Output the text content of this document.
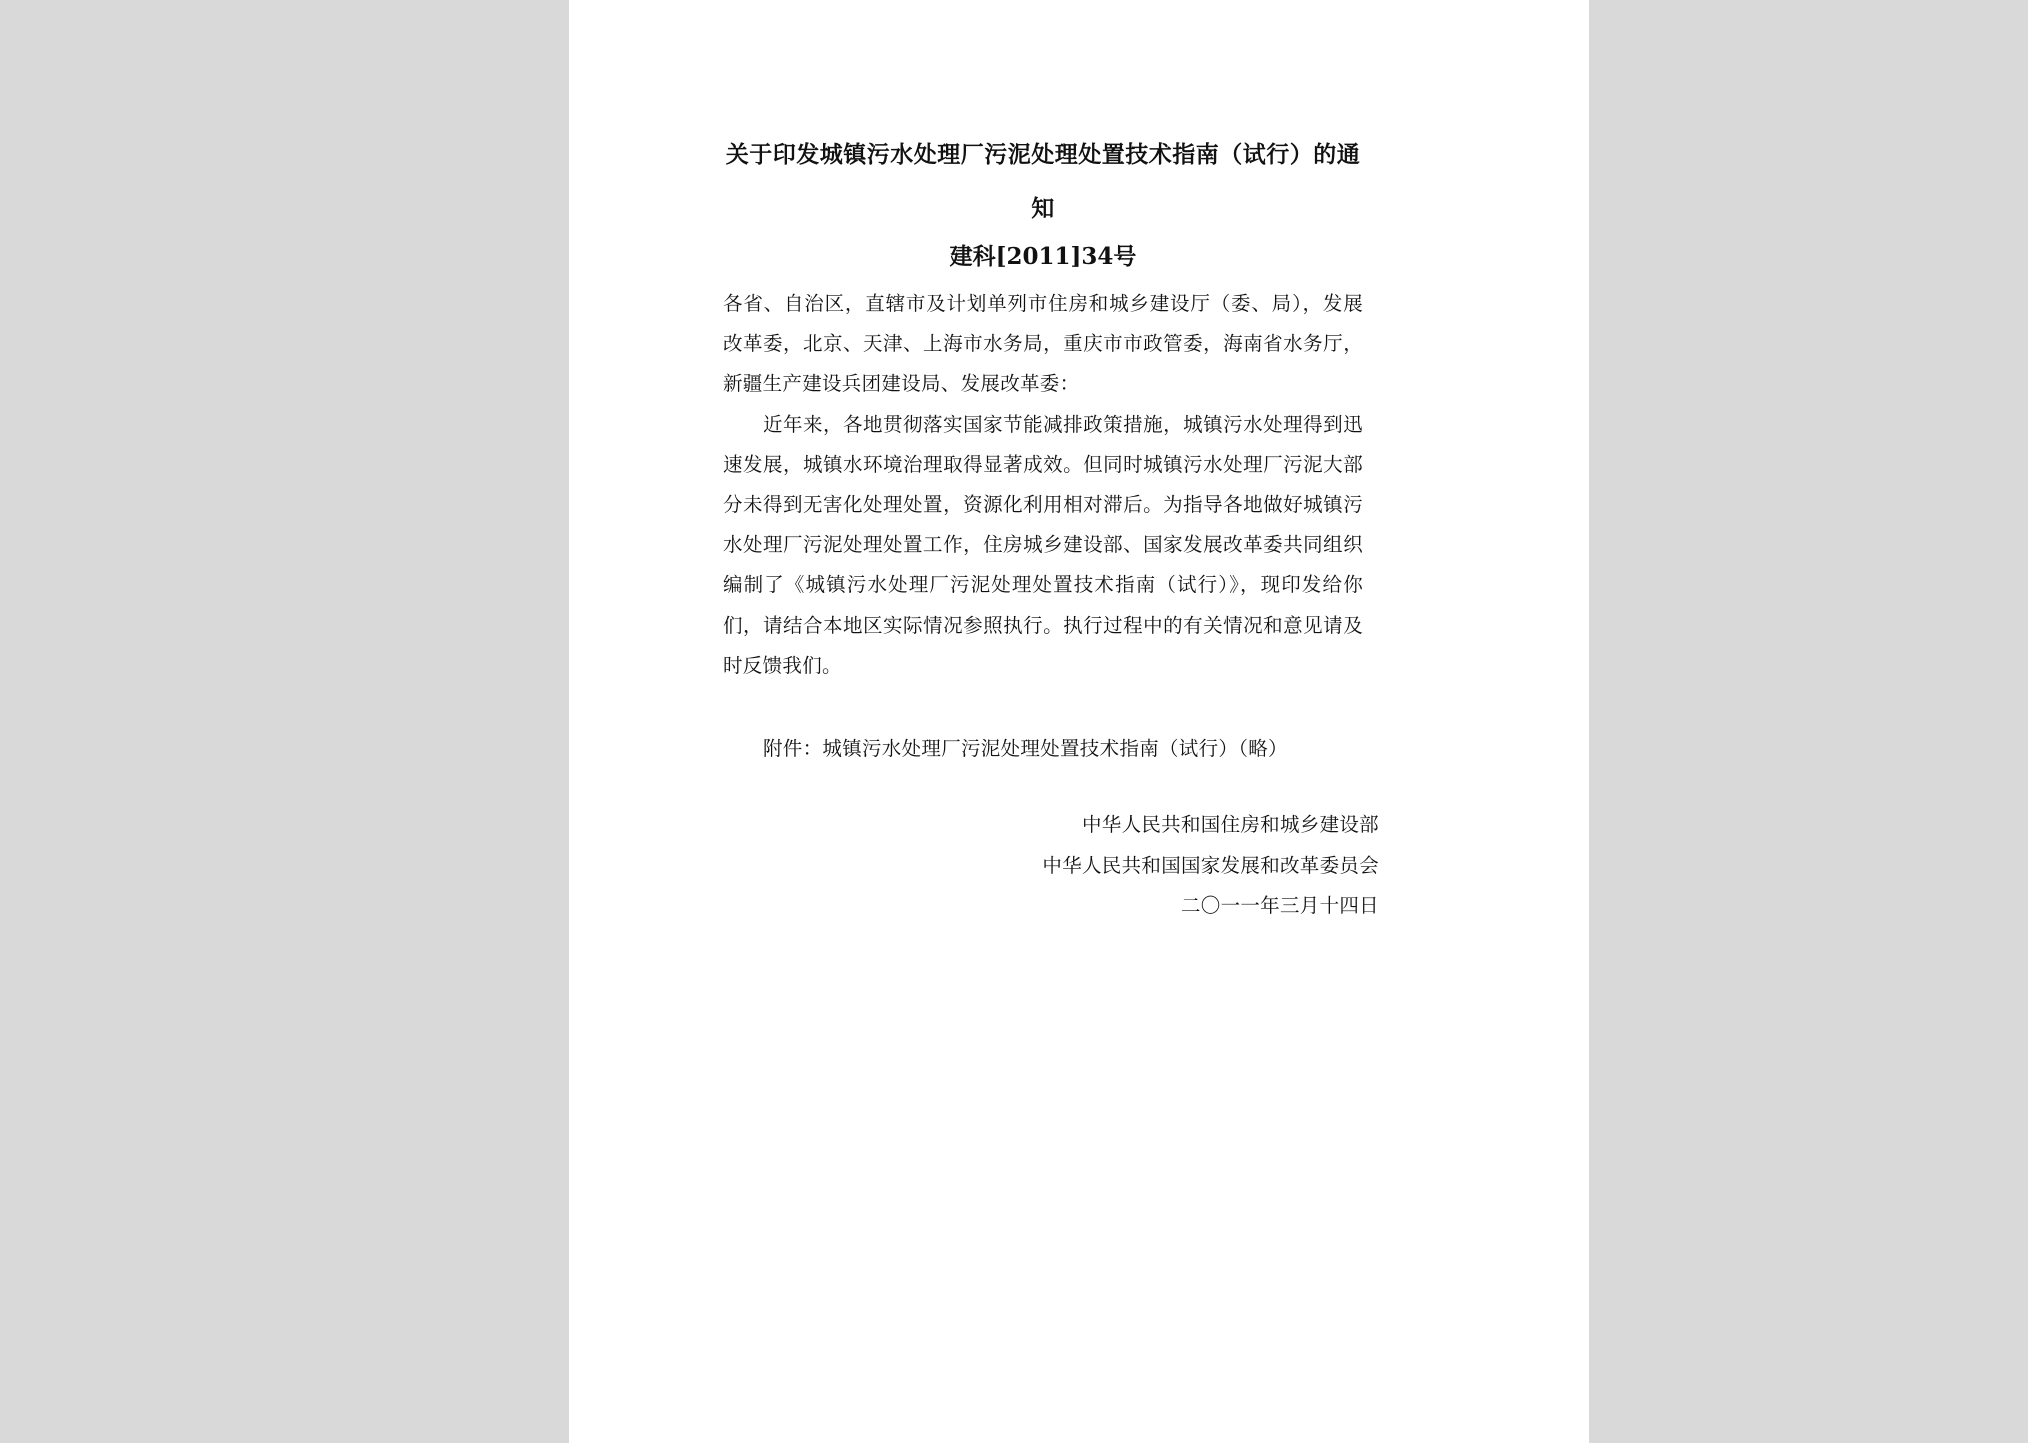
关于印发城镇污水处理厂污泥处理处置技术指南（试行）的通知
建科[2011]34号

各省、自治区，直辖市及计划单列市住房和城乡建设厅（委、局），发展改革委，北京、天津、上海市水务局，重庆市市政管委，海南省水务厅，新疆生产建设兵团建设局、发展改革委：

近年来，各地贯彻落实国家节能减排政策措施，城镇污水处理得到迅速发展，城镇水环境治理取得显著成效。但同时城镇污水处理厂污泥大部分未得到无害化处理处置，资源化利用相对滞后。为指导各地做好城镇污水处理厂污泥处理处置工作，住房城乡建设部、国家发展改革委共同组织编制了《城镇污水处理厂污泥处理处置技术指南（试行）》，现印发给你们，请结合本地区实际情况参照执行。执行过程中的有关情况和意见请及时反馈我们。

附件：城镇污水处理厂污泥处理处置技术指南（试行）（略）
中华人民共和国住房和城乡建设部
中华人民共和国国家发展和改革委员会
二〇一一年三月十四日
